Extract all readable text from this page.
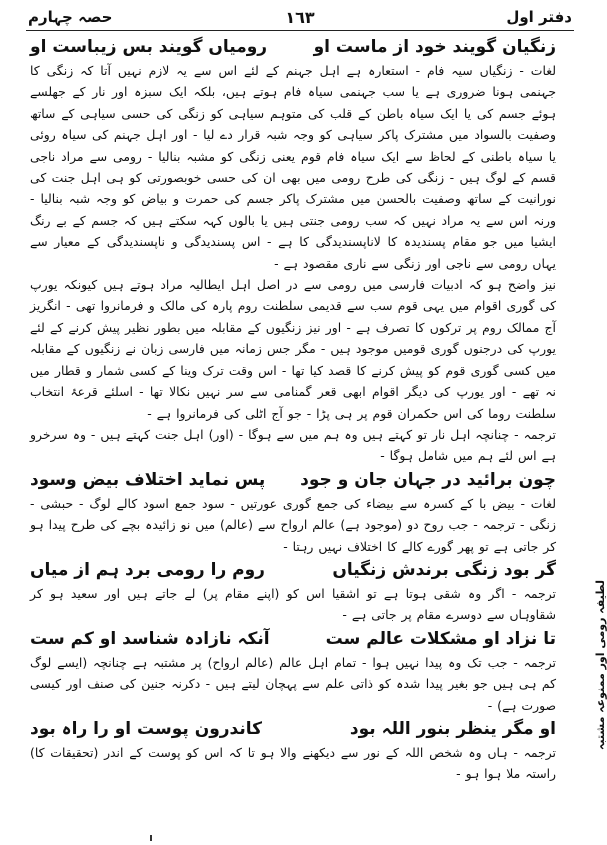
دفتر اول
١٦٣
حصہ چہارم
زنگیان گویند خود از ماست او
رومیاں گویند بس زیباست او
لغات - زنگیاں سیہ فام - استعارہ ہے اہل جہنم کے لئے اس سے یہ لازم نہیں آتا کہ زنگی کا جہنمی ہونا ضروری ہے یا سب جہنمی سیاہ فام ہوتے ہیں، بلکہ ایک سبزہ اور نار کے جھلسے ہوئے جسم کی یا ایک سیاہ باطن کے قلب کی متوہم سیاہی کو زنگی کی حسی سیاہی کے ساتھ وصفیت بالسواد میں مشترک پاکر سیاہی کو وجہ شبہ قرار دے لیا - اور اہل جہنم کی سیاہ روئی یا سیاہ باطنی کے لحاظ سے ایک سیاہ فام قوم یعنی زنگی کو مشبہ بنالیا - رومی سے مراد ناجی قسم کے لوگ ہیں - زنگی کی طرح رومی میں بھی ان کی حسی خوبصورتی کو ہی اہل جنت کی نورانیت کے ساتھ وصفیت بالحسن میں مشترک پاکر جسم کی حمرت و بیاض کو وجہ شبہ بنالیا - ورنہ اس سے یہ مراد نہیں کہ سب رومی جنتی ہیں یا بالوں کہہ سکتے ہیں کہ جسم کے بے رنگ ایشیا میں جو مقام پسندیدہ کا لاناپسندیدگی کا ہے - اس پسندیدگی و ناپسندیدگی کے معیار سے یہاں رومی سے ناجی اور زنگی سے ناری مقصود ہے -
نیز واضح ہو کہ ادبیات فارسی میں رومی سے در اصل اہل ایطالیہ مراد ہوتے ہیں کیونکہ یورپ کی گوری اقوام میں یہی قوم سب سے قدیمی سلطنت روم پارہ کی مالک و فرمانروا تھی - انگریز آج ممالک روم پر ترکوں کا تصرف ہے - اور نیز زنگیوں کے مقابلہ میں بطور نظیر پیش کرنے کے لئے یورپ کی درجنوں گوری قومیں موجود ہیں - مگر جس زمانہ میں فارسی زبان نے زنگیوں کے مقابلہ میں کسی گوری قوم کو پیش کرنے کا قصد کیا تھا - اس وقت ترک وینا کے کسی شمار و قطار میں نہ تھے - اور یورپ کی دیگر اقوام ابھی قعر گمنامی سے سر نہیں نکالا تھا - اسلئے قرعۂ انتخاب سلطنت روما کی اس حکمران قوم پر ہی پڑا - جو آج اٹلی کی فرمانروا ہے -
ترجمہ - چنانچہ اہل نار تو کہتے ہیں وہ ہم میں سے ہوگا - (اور) اہل جنت کہتے ہیں - وہ سرخرو ہے اس لئے ہم میں شامل ہوگا -
چون برائید در جہان جان و جود
پس نماید اختلاف بیض وسود
لغات - بیض با کے کسرہ سے بیضاء کی جمع گوری عورتیں - سود جمع اسود کالے لوگ - حبشی - زنگی - ترجمہ - جب روح دو (موجود ہے) عالم ارواح سے (عالم) میں نو زائیدہ بچے کی طرح پیدا ہو کر جاتی ہے تو پھر گورے کالے کا اختلاف نہیں رہتا -
گر بود زنگی برندش زنگیاں
روم را رومی برد ہم از میاں
ترجمہ - اگر وہ شقی ہوتا ہے تو اشقیا اس کو (اپنے مقام پر) لے جاتے ہیں اور سعید ہو کر شقاوہاں سے دوسرے مقام پر جاتی ہے -
تا نزاد او مشکلات عالم ست
آنکہ نازادہ شناسد او کم ست
ترجمہ - جب تک وہ پیدا نہیں ہوا - تمام اہل عالم (عالم ارواح) پر مشتبہ ہے چنانچہ (ایسے لوگ کم ہی ہیں جو بغیر پیدا شدہ کو ذاتی علم سے پہچان لیتے ہیں - دکرنہ جنین کی صنف اور کیسی صورت ہے) -
او مگر ینظر بنور اللہ بود
کاندرون پوست او را راہ بود
ترجمہ - ہاں وہ شخص اللہ کے نور سے دیکھنے والا ہو تا کہ اس کو پوست کے اندر (تحقیقات کا) راستہ ملا ہوا ہو -
لطیفہ رومی اور ممنوعہ مشتبہ
